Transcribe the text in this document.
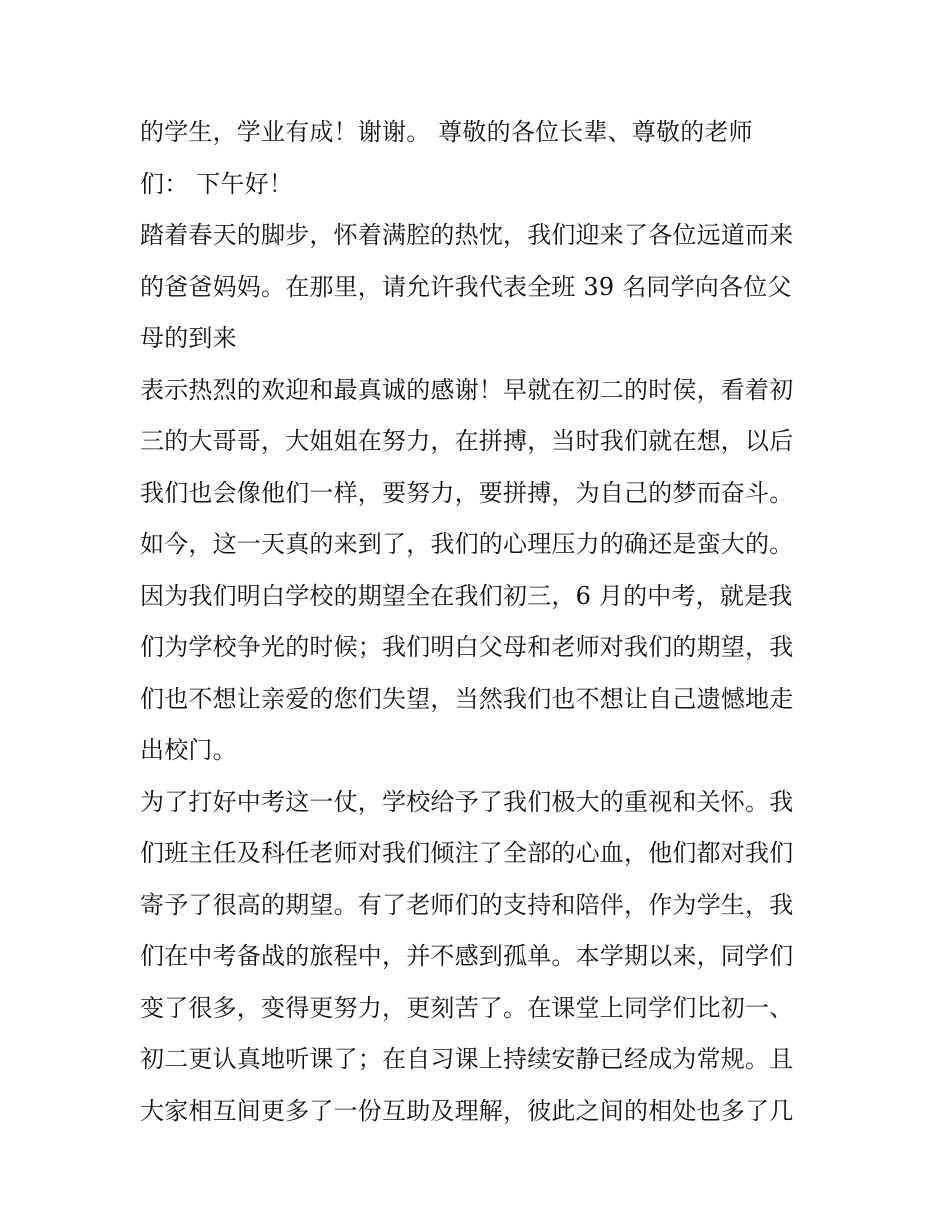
的学生，学业有成！谢谢。 尊敬的各位长辈、尊敬的老师
们： 下午好！
踏着春天的脚步，怀着满腔的热忱，我们迎来了各位远道而来
的爸爸妈妈。在那里，请允许我代表全班 39 名同学向各位父
母的到来
表示热烈的欢迎和最真诚的感谢！早就在初二的时侯，看着初
三的大哥哥，大姐姐在努力，在拼搏，当时我们就在想，以后
我们也会像他们一样，要努力，要拼搏，为自己的梦而奋斗。
如今，这一天真的来到了，我们的心理压力的确还是蛮大的。
因为我们明白学校的期望全在我们初三，6 月的中考，就是我
们为学校争光的时候；我们明白父母和老师对我们的期望，我
们也不想让亲爱的您们失望，当然我们也不想让自己遗憾地走
出校门。
为了打好中考这一仗，学校给予了我们极大的重视和关怀。我
们班主任及科任老师对我们倾注了全部的心血，他们都对我们
寄予了很高的期望。有了老师们的支持和陪伴，作为学生，我
们在中考备战的旅程中，并不感到孤单。本学期以来，同学们
变了很多，变得更努力，更刻苦了。在课堂上同学们比初一、
初二更认真地听课了；在自习课上持续安静已经成为常规。且
大家相互间更多了一份互助及理解，彼此之间的相处也多了几
